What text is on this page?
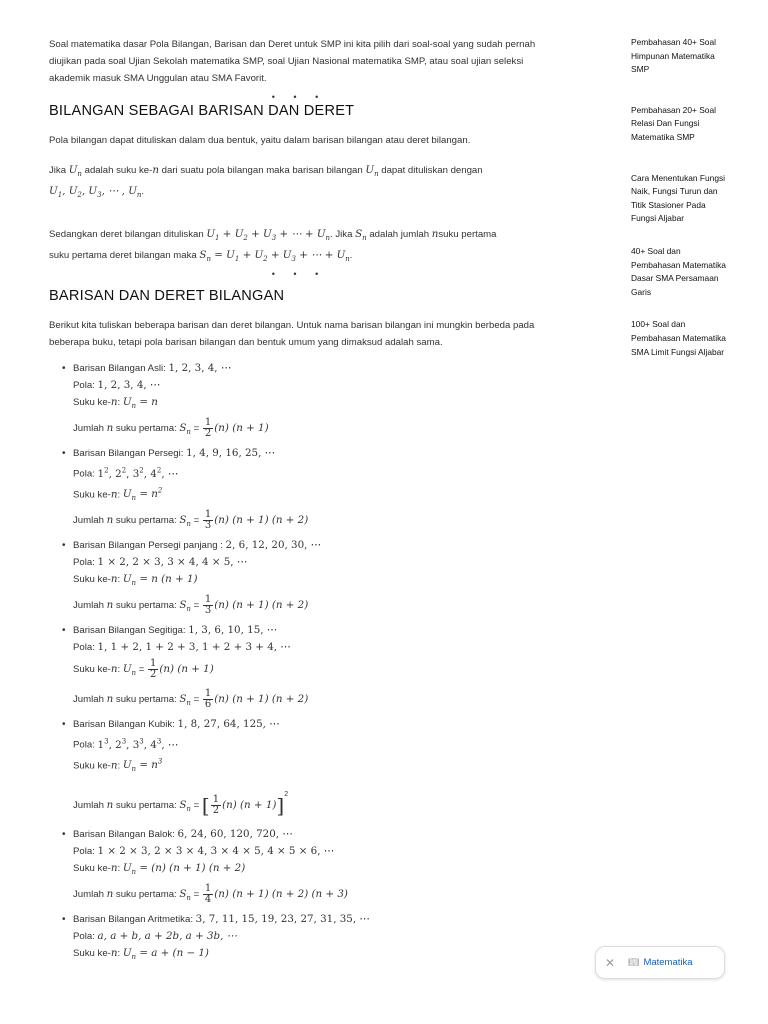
Soal matematika dasar Pola Bilangan, Barisan dan Deret untuk SMP ini kita pilih dari soal-soal yang sudah pernah diujikan pada soal Ujian Sekolah matematika SMP, soal Ujian Nasional matematika SMP, atau soal ujian seleksi akademik masuk SMA Unggulan atau SMA Favorit.

• • •
BILANGAN SEBAGAI BARISAN DAN DERET

Pola bilangan dapat dituliskan dalam dua bentuk, yaitu dalam barisan bilangan atau deret bilangan.

Jika $U_n$ adalah suku ke-n dari suatu pola bilangan maka barisan bilangan $U_n$ dapat dituliskan dengan
$U_1$, $U_2$, $U_3$, ⋯ , $U_n$.

Sedangkan deret bilangan dituliskan $U_1 + U_2 + U_3$ + ⋯ + $U_n$. Jika $S_n$ adalah jumlah nsuku pertama
suku pertama deret bilangan maka $S_n = U_1 + U_2 + U_3$ + ⋯ + $U_n$.

• • •
BARISAN DAN DERET BILANGAN

Berikut kita tuliskan beberapa barisan dan deret bilangan. Untuk nama barisan bilangan ini mungkin berbeda pada beberapa buku, tetapi pola barisan bilangan dan bentuk umum yang dimaksud adalah sama.

• Barisan Bilangan Asli: 1, 2, 3, 4, ⋯
Pola: 1, 2, 3, 4, ⋯
Suku ke-n: $U_n = n$
Jumlah n suku pertama: $S_n = \frac{1}{2} (n) (n + 1)$
• Barisan Bilangan Persegi: 1, 4, 9, 16, 25, ⋯
Pola: $1^2$, $2^2$, $3^2$, $4^2$, ⋯
Suku ke-n: $U_n = n^2$
Jumlah n suku pertama: $S_n = \frac{1}{3} (n) (n + 1) (n + 2)$
• Barisan Bilangan Persegi panjang : 2, 6, 12, 20, 30, ⋯
Pola: 1 × 2, 2 × 3, 3 × 4, 4 × 5, ⋯
Suku ke-n: $U_n = n$ (n + 1)
Jumlah n suku pertama: $S_n = \frac{1}{3} (n) (n + 1) (n + 2)$
• Barisan Bilangan Segitiga: 1, 3, 6, 10, 15, ⋯
Pola: 1, 1 + 2, 1 + 2 + 3, 1 + 2 + 3 + 4, ⋯
Suku ke-n: $U_n = \frac{1}{2} (n) (n + 1)$
Jumlah n suku pertama: $S_n = \frac{1}{6} (n) (n + 1) (n + 2)$
• Barisan Bilangan Kubik: 1, 8, 27, 64, 125, ⋯
Pola: $1^3$, $2^3$, $3^3$, $4^3$, ⋯
Suku ke-n: $U_n = n^3$
Jumlah n suku pertama: $S_n$ = [ $\frac{1}{2} (n) (n + 1)]^2$
• Barisan Bilangan Balok: 6, 24, 60, 120, 720, ⋯
Pola: 1 × 2 × 3, 2 × 3 × 4, 3 × 4 × 5, 4 × 5 × 6, ⋯
Suku ke-n: $U_n = (n) (n + 1) (n + 2)$
Jumlah n suku pertama: $S_n = \frac{1}{4} (n) (n + 1) (n + 2) (n + 3)$
• Barisan Bilangan Aritmetika: 3, 7, 11, 15, 19, 23, 27, 31, 35, ⋯
Pola: a, a + b, a + 2b, a + 3b, ⋯
Suku ke-n: $U_n = a + (n - 1)$
Pembahasan 40+ Soal
Himpunan Matematika
SMP
Pembahasan 20+ Soal
Relasi Dan Fungsi
Matematika SMP
Cara Menentukan Fungsi
Naik, Fungsi Turun dan
Titik Stasioner Pada
Fungsi Aljabar
40+ Soal dan
Pembahasan Matematika
Dasar SMA Persamaan
Garis
100+ Soal dan
Pembahasan Matematika
SMA Limit Fungsi Aljabar
✕ 📖︎ Matematika
